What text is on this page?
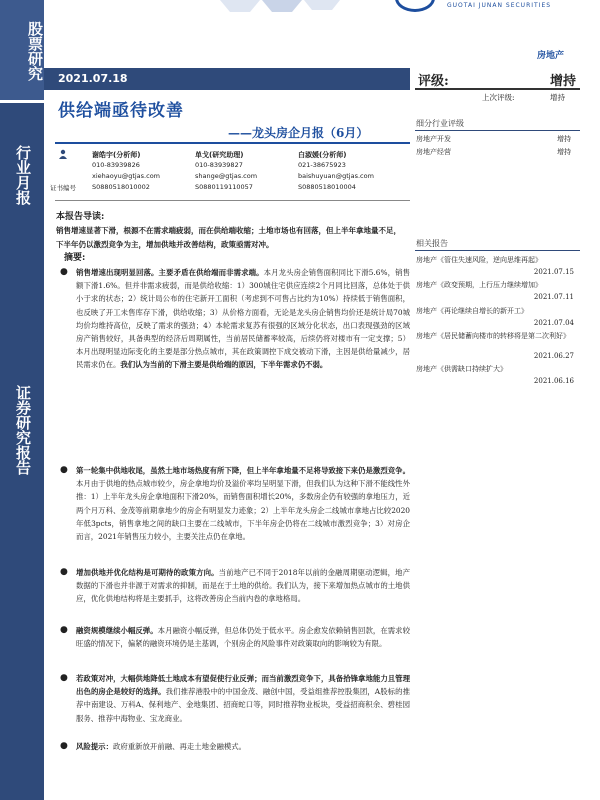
股票研究
行业月报
证券研究报告
GUOTAI JUNAN SECURITIES
2021.07.18
房地产
评级:	增持
上次评级:	增持
供给端亟待改善
——龙头房企月报（6月）
谢皓宇(分析师)
010-83939826
xiehaoyu@gtjas.com
S0880518010002
单戈(研究助理)
010-83939827
shange@gtjas.com
S0880119110057
白淑媛(分析师)
021-38675923
baishuyuan@gtjas.com
S0880518010004
证书编号
细分行业评级
房地产开发	增持
房地产经营	增持
相关报告
房地产《管住失速风险，逆向思维再起》
2021.07.15
房地产《政变预期，上行压力继续增加》
2021.07.11
房地产《再论继续自增长的新开工》
2021.07.04
房地产《居民储蓄向楼市的转移将是第二次利好》
2021.06.27
房地产《供需缺口持续扩大》
2021.06.16
本报告导读:
销售增速显著下滑，根源不在需求端疲弱，而在供给端收缩；土地市场也有回落，但上半年拿地量不足，下半年仍以激烈竞争为主，增加供地并改善结构，政策亟需对冲。
摘要:
● 销售增速出现明显回落。主要矛盾在供给端而非需求端。本月龙头房企销售面积同比下滑5.6%，销售额下滑1.6%。但并非需求疲弱，而是供给收缩：1）300城住宅供应连续2个月同比回落，总体处于供小于求的状态；2）统计局公布的住宅新开工面积（考虑到不可售占比约为10%）持续低于销售面积，也反映了开工未售库存下滑，供给收缩；3）从价格方面看，无论是龙头房企销售均价还是统计局70城均价均维持高位，反映了需求的强劲；4）本轮需求复苏有很强的区域分化状态，出口表现强劲的区域房产销售较好，具备典型的经济后周期属性，当前居民储蓄率较高，后续仍将对楼市有一定支撑；5）本月出现明显边际变化的主要是部分热点城市，其在政策调控下成交被动下滑，主因是供给量减少，居民需求仍在。我们认为当前的下滑主要是供给端的原因，下半年需求仍不弱。
● 第一轮集中供地收尾，虽然土地市场热度有所下降，但上半年拿地量不足将导致接下来仍是激烈竞争。本月由于供地的热点城市较少，房企拿地均价及溢价率均呈明显下滑，但我们认为这种下滑不能线性外推：1）上半年龙头房企拿地面积下滑20%，而销售面积增长20%，多数房企仍有较强的拿地压力，近两个月万科、金茂等前期拿地少的房企有明显发力迹象；2）上半年龙头房企二线城市拿地占比较2020年低3pcts，销售拿地之间的缺口主要在二线城市，下半年房企仍将在二线城市激烈竞争；3）对房企而言，2021年销售压力较小，主要关注点仍在拿地。
● 增加供地并优化结构是可期待的政策方向。当前地产已不同于2018年以前的金融周期驱动逻辑，地产数据的下滑也并非源于对需求的抑制，而是在于土地的供给。我们认为，接下来增加热点城市的土地供应，优化供地结构将是主要抓手，这将改善房企当前内卷的拿地格局。
● 融资规模继续小幅反弹。本月融资小幅反弹，但总体仍处于低水平。房企愈发依赖销售回款，在需求较旺盛的情况下，偏紧的融资环境仍是主基调，个别房企的风险事件对政策取向的影响较为有限。
● 若政策对冲，大幅供地降低土地成本有望促使行业反弹；而当前激烈竞争下，具备拾锋拿地能力且管理出色的房企是较好的选择。我们推荐港股中的中国金茂、融创中国，受益组推荐控股集团，A股标的推荐中南建设、万科A、保利地产、金地集团、招商蛇口等，同时推荐物业板块，受益招商积余、碧桂园服务、推荐中海物业、宝龙商业。
● 风险提示：政府重新放开前融、再走土地金融模式。
